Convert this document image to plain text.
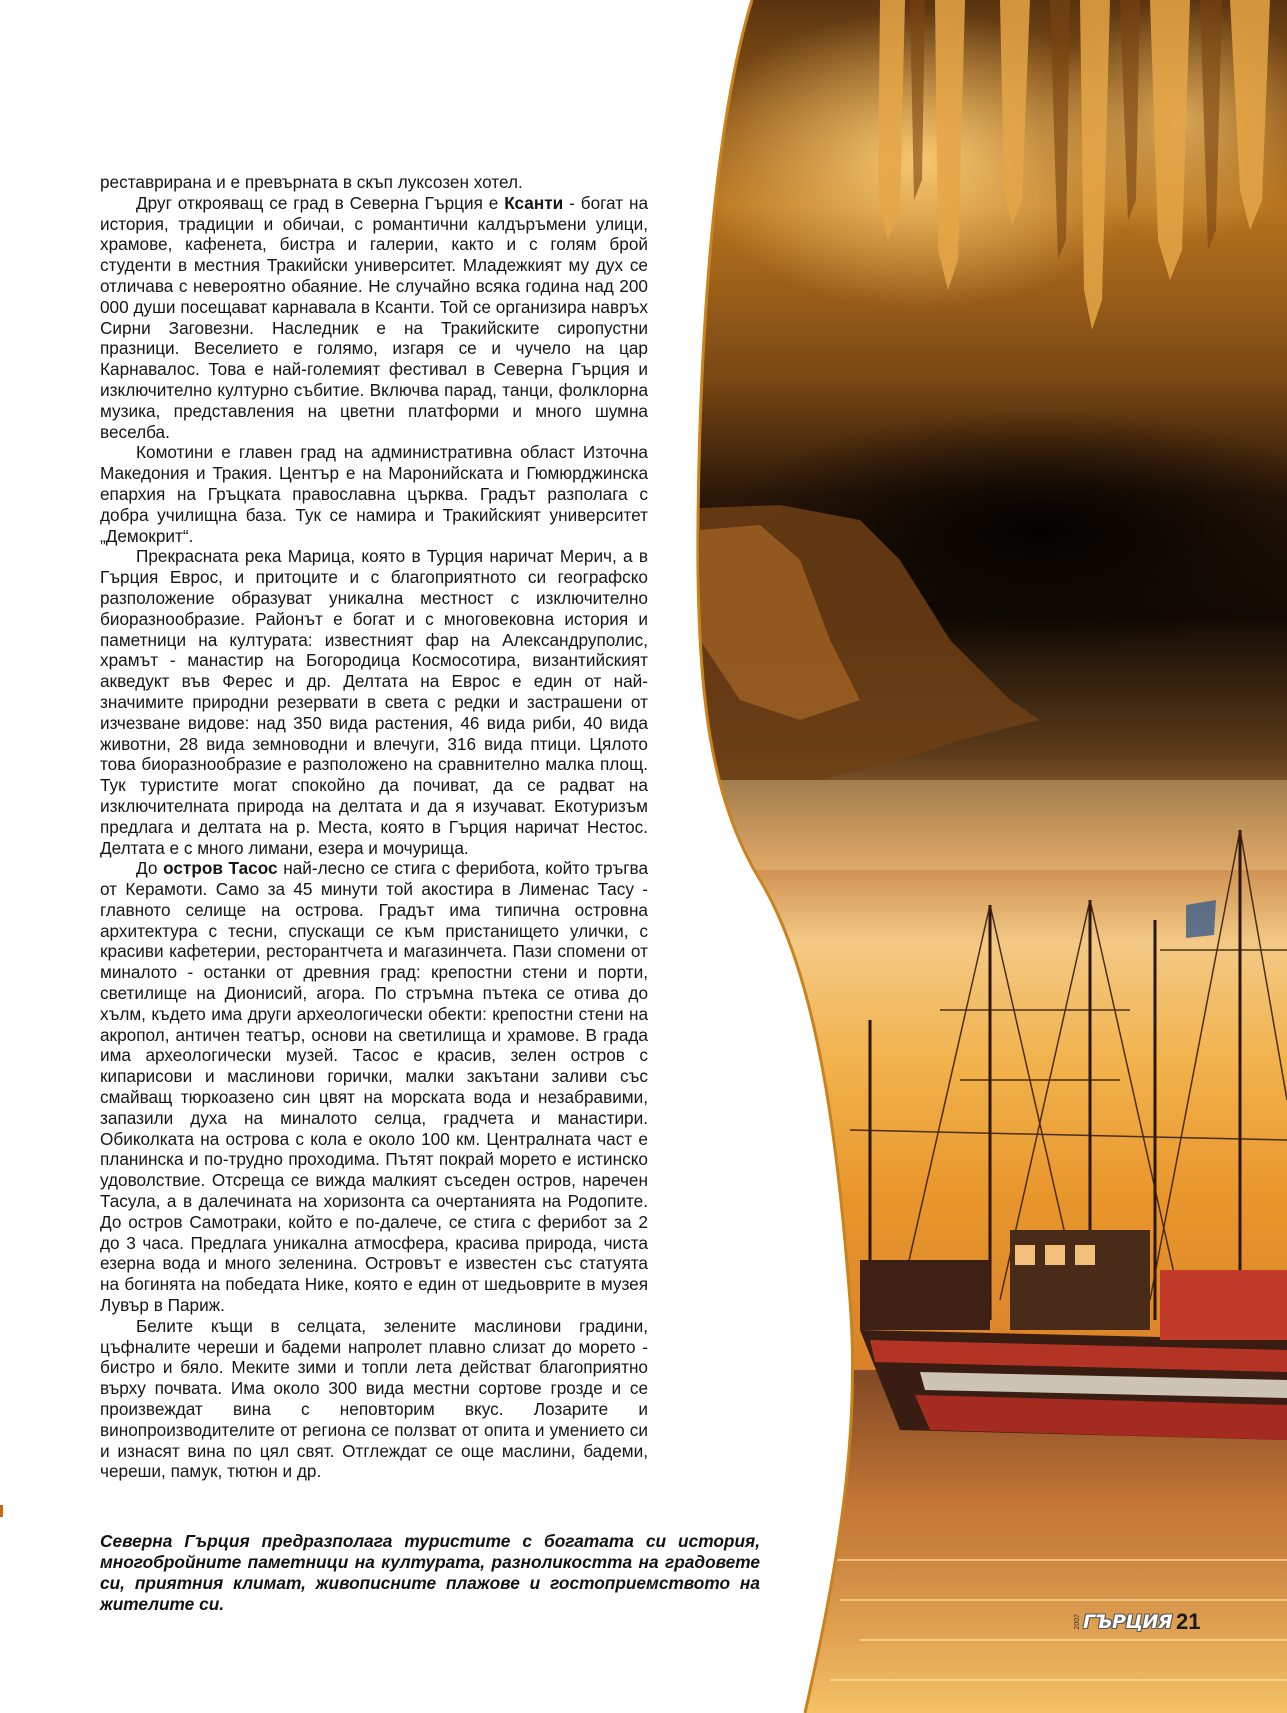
реставрирана и е превърната в скъп луксозен хотел.

Друг открояващ се град в Северна Гърция е Ксанти - богат на история, традиции и обичаи, с романтични калдъръмени улици, храмове, кафенета, бистра и галерии, както и с голям брой студенти в местния Тракийски университет. Младежкият му дух се отличава с невероятно обаяние. Не случайно всяка година над 200 000 души посещават карнавала в Ксанти. Той се организира навръх Сирни Заговезни. Наследник е на Тракийските сиропустни празници. Веселието е голямо, изгаря се и чучело на цар Карнавалос. Това е най-големият фестивал в Северна Гърция и изключително културно събитие. Включва парад, танци, фолклорна музика, представления на цветни платформи и много шумна веселба.

Комотини е главен град на административна област Източна Македония и Тракия. Център е на Маронийската и Гюмюрджинска епархия на Гръцката православна църква. Градът разполага с добра училищна база. Тук се намира и Тракийският университет „Демокрит“.

Прекрасната река Марица, която в Турция наричат Мерич, а в Гърция Еврос, и притоците и с благоприятното си географско разположение образуват уникална местност с изключително биоразнообразие. Районът е богат и с многовековна история и паметници на културата: известният фар на Александруполис, храмът - манастир на Богородица Космосотира, византийският акведукт във Ферес и др. Делтата на Еврос е един от най-значимите природни резервати в света с редки и застрашени от изчезване видове: над 350 вида растения, 46 вида риби, 40 вида животни, 28 вида земноводни и влечуги, 316 вида птици. Цялото това биоразнообразие е разположено на сравнително малка площ. Тук туристите могат спокойно да почиват, да се радват на изключителната природа на делтата и да я изучават. Екотуризъм предлага и делтата на р. Места, която в Гърция наричат Нестос. Делтата е с много лимани, езера и мочурища.

До остров Тасос най-лесно се стига с ферибота, който тръгва от Керамоти. Само за 45 минути той акостира в Лименас Тасу - главното селище на острова. Градът има типична островна архитектура с тесни, спускащи се към пристанището улички, с красиви кафетерии, ресторантчета и магазинчета. Пази спомени от миналото - останки от древния град: крепостни стени и порти, светилище на Дионисий, агора. По стръмна пътека се отива до хълм, където има други археологически обекти: крепостни стени на акропол, античен театър, основи на светилища и храмове. В града има археологически музей. Тасос е красив, зелен остров с кипарисови и маслинови горички, малки закътани заливи със смайващ тюркоазено син цвят на морската вода и незабравими, запазили духа на миналото селца, градчета и манастири. Обиколката на острова с кола е около 100 км. Централната част е планинска и по-трудно проходима. Пътят покрай морето е истинско удоволствие. Отсреща се вижда малкият съседен остров, наречен Тасула, а в далечината на хоризонта са очертанията на Родопите. До остров Самотраки, който е по-далече, се стига с ферибот за 2 до 3 часа. Предлага уникална атмосфера, красива природа, чиста езерна вода и много зеленина. Островът е известен със статуята на богинята на победата Нике, която е един от шедьоврите в музея Лувър в Париж.

Белите къщи в селцата, зелените маслинови градини, цъфналите череши и бадеми напролет плавно слизат до морето - бистро и бяло. Меките зими и топли лета действат благоприятно върху почвата. Има около 300 вида местни сортове грозде и се произвеждат вина с неповторим вкус. Лозарите и винопроизводителите от региона се ползват от опита и умението си и изнасят вина по цял свят. Отглеждат се още маслини, бадеми, череши, памук, тютюн и др.

Северна Гърция предразполага туристите с богатата си история, многобройните паметници на културата, разноликостта на градовете си, приятния климат, живописните плажове и гостоприемството на жителите си.

2007 ГЪРЦИЯ 21
